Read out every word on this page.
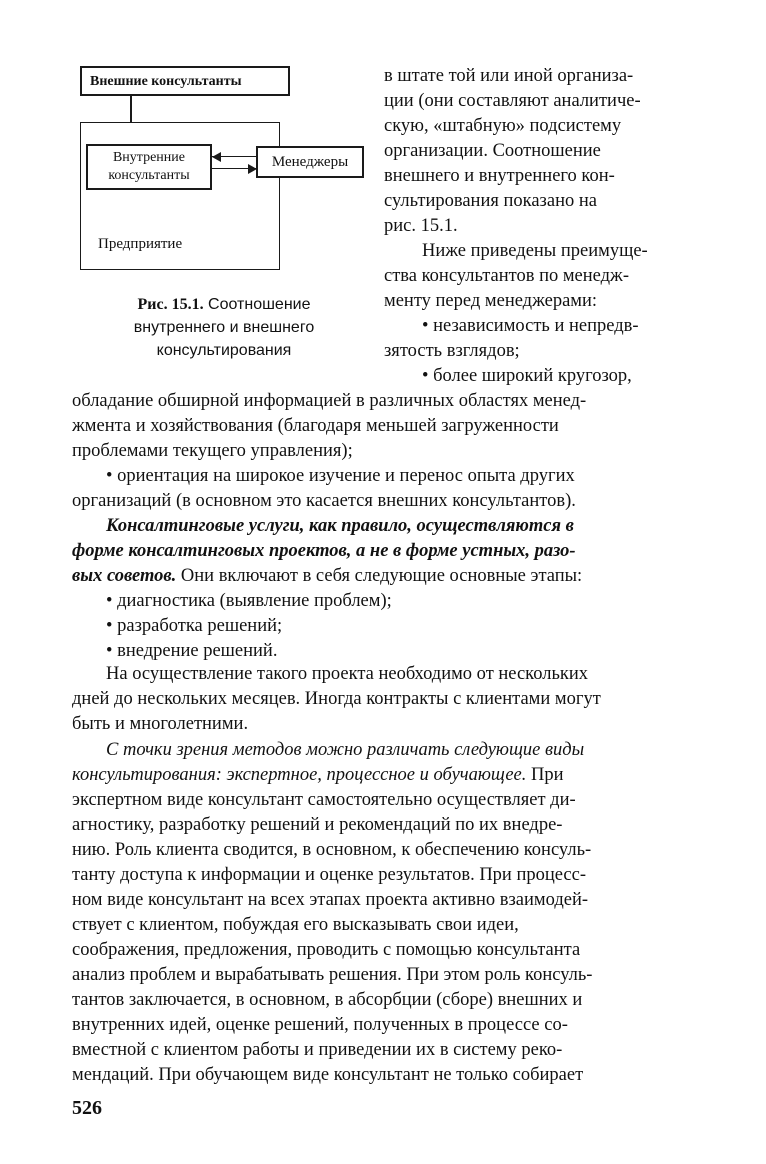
Внешние консультанты
Внутренние
консультанты
Менеджеры
Предприятие
Рис. 15.1. Соотношение
внутреннего и внешнего
консультирования
в штате той или иной организа-
ции (они составляют аналитиче-
скую, «штабную» подсистему
организации. Соотношение
внешнего и внутреннего кон-
сультирования показано на
рис. 15.1.
Ниже приведены преимуще-
ства консультантов по менедж-
менту перед менеджерами:
• независимость и непредв-
зятость взглядов;
• более широкий кругозор,
обладание обширной информацией в различных областях менед-
жмента и хозяйствования (благодаря меньшей загруженности
проблемами текущего управления);
• ориентация на широкое изучение и перенос опыта других
организаций (в основном это касается внешних консультантов).
Консалтинговые услуги, как правило, осуществляются в
форме консалтинговых проектов, а не в форме устных, разо-
вых советов. Они включают в себя следующие основные этапы:
• диагностика (выявление проблем);
• разработка решений;
• внедрение решений.
На осуществление такого проекта необходимо от нескольких
дней до нескольких месяцев. Иногда контракты с клиентами могут
быть и многолетними.
С точки зрения методов можно различать следующие виды
консультирования: экспертное, процессное и обучающее. При
экспертном виде консультант самостоятельно осуществляет ди-
агностику, разработку решений и рекомендаций по их внедре-
нию. Роль клиента сводится, в основном, к обеспечению консуль-
танту доступа к информации и оценке результатов. При процесс-
ном виде консультант на всех этапах проекта активно взаимодей-
ствует с клиентом, побуждая его высказывать свои идеи,
соображения, предложения, проводить с помощью консультанта
анализ проблем и вырабатывать решения. При этом роль консуль-
тантов заключается, в основном, в абсорбции (сборе) внешних и
внутренних идей, оценке решений, полученных в процессе со-
вместной с клиентом работы и приведении их в систему реко-
мендаций. При обучающем виде консультант не только собирает
526
